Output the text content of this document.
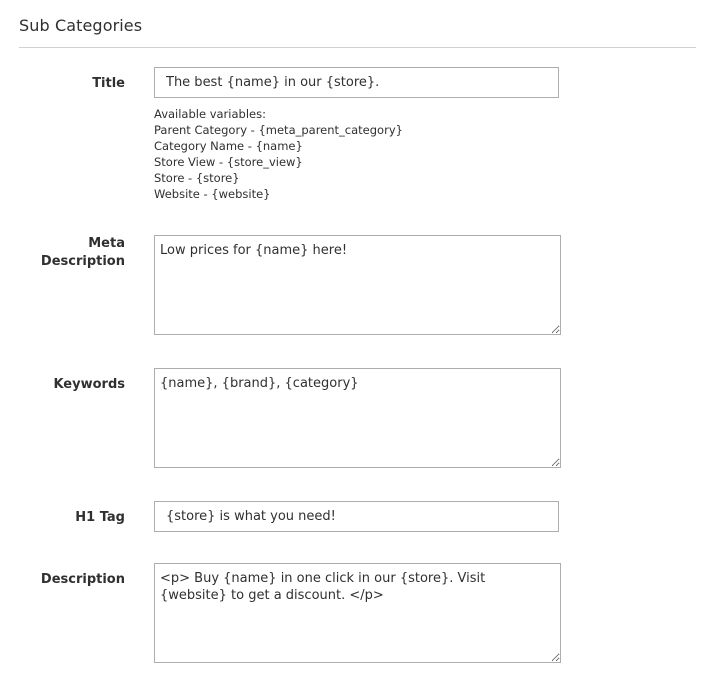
Sub Categories
Title
The best {name} in our {store}.
Available variables:
Parent Category - {meta_parent_category}
Category Name - {name}
Store View - {store_view}
Store - {store}
Website - {website}
Meta
Description
Low prices for {name} here!
Keywords
{name}, {brand}, {category}
H1 Tag
{store} is what you need!
Description
<p> Buy {name} in one click in our {store}. Visit {website} to get a discount. </p>
